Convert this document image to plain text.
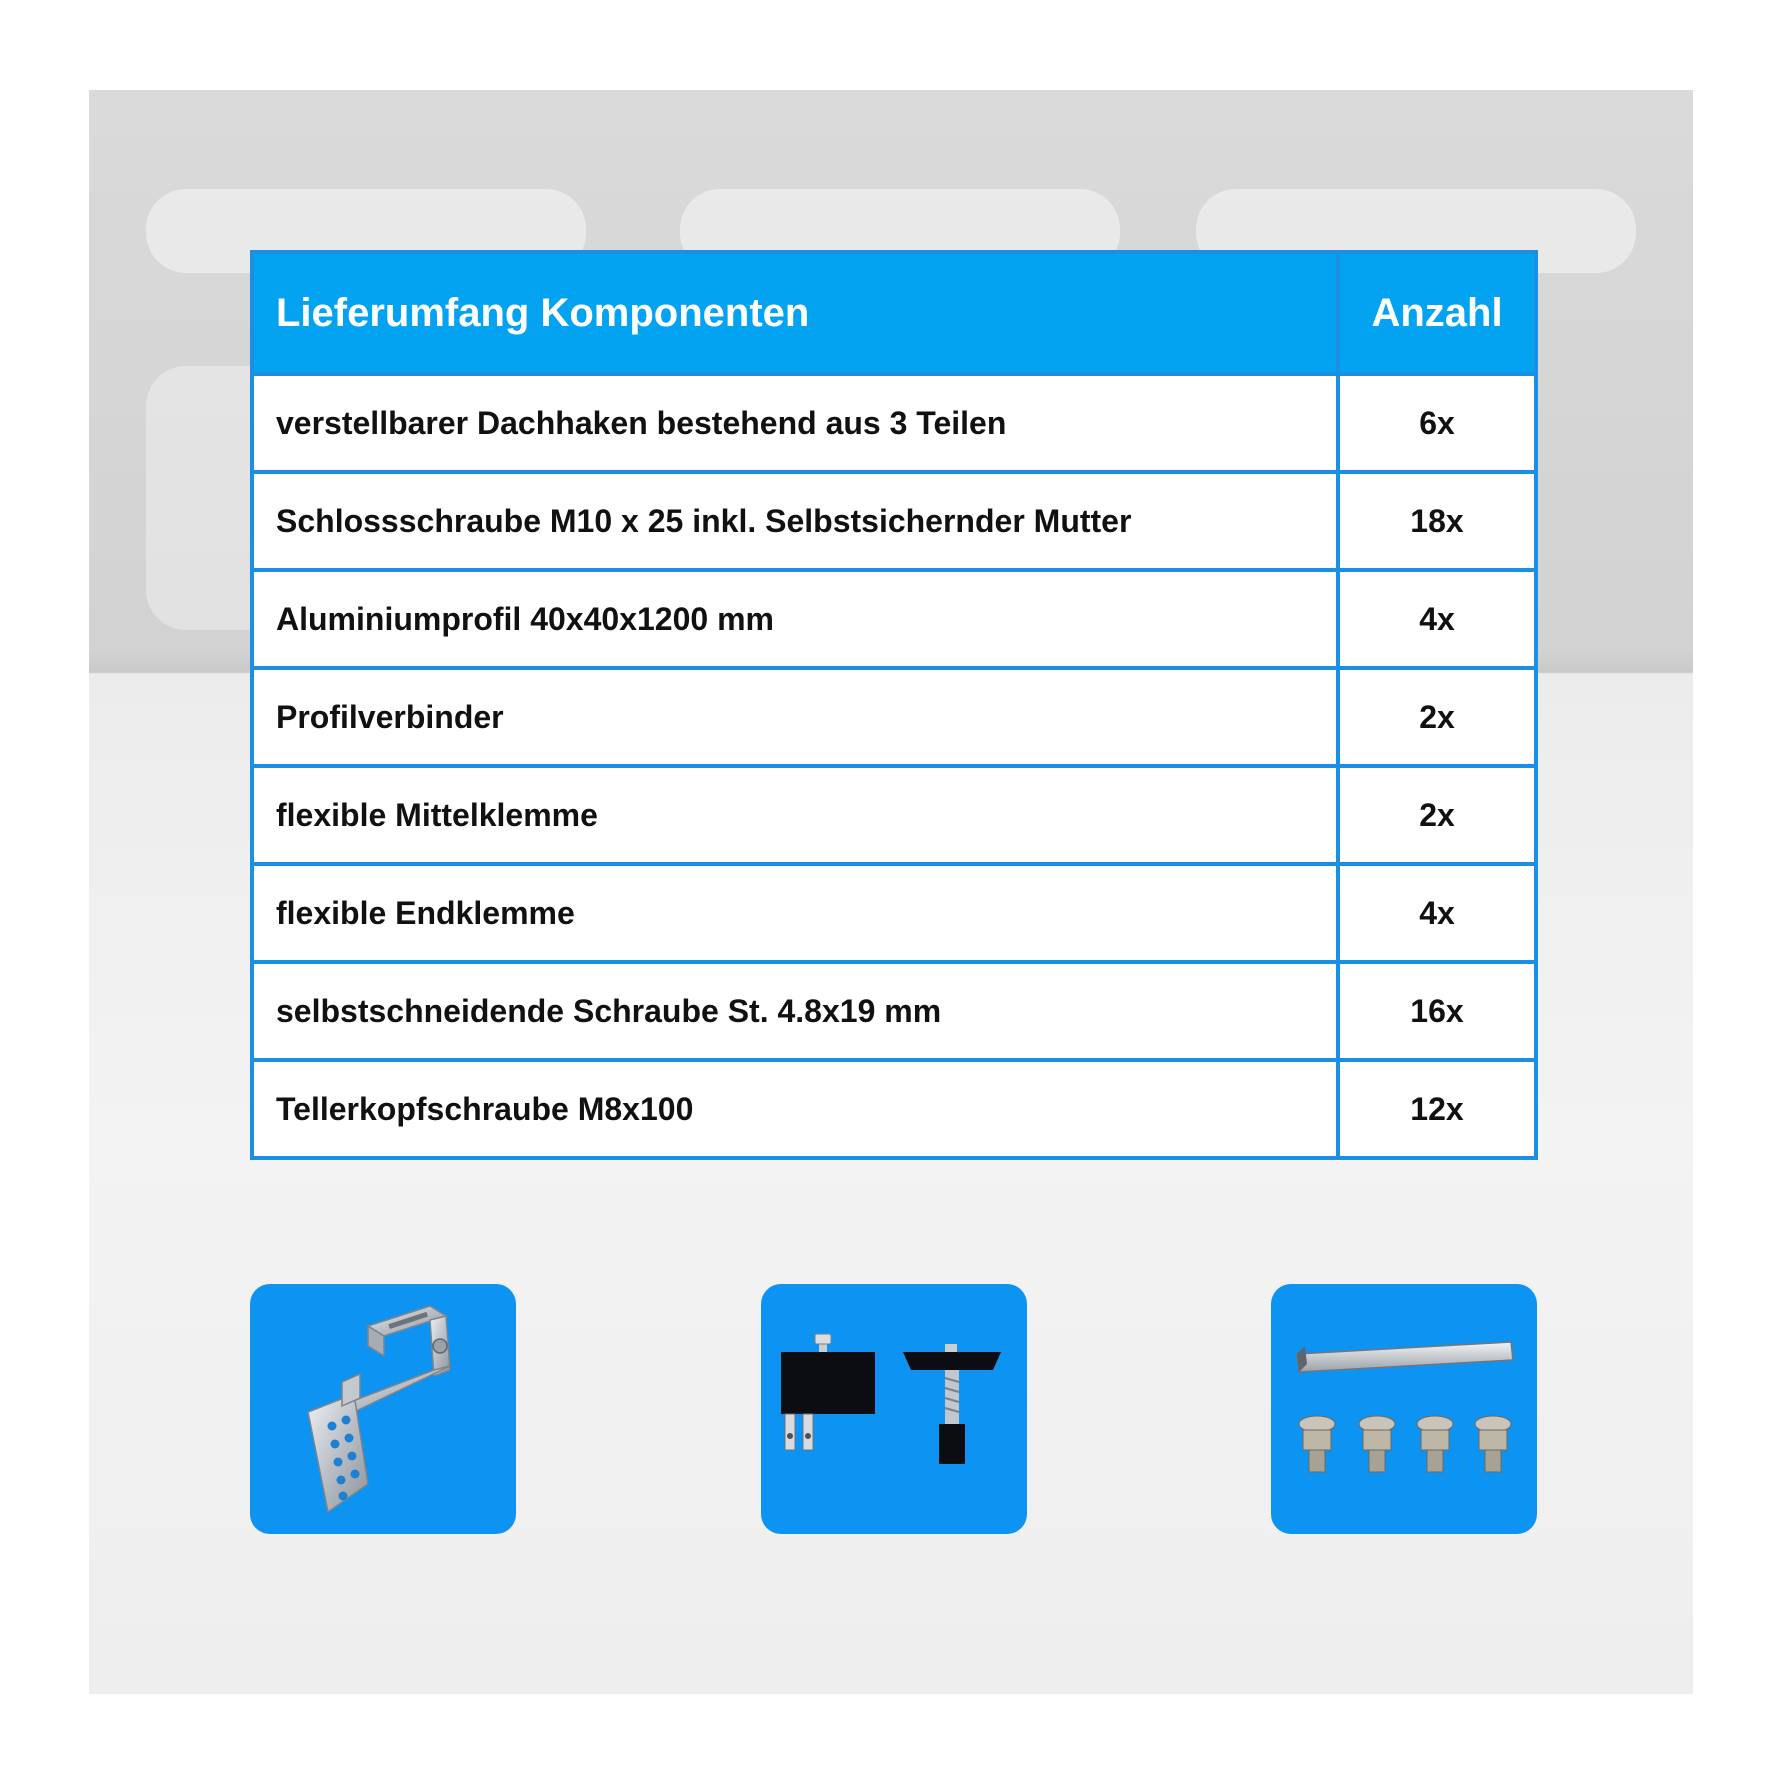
Lieferumfang Komponenten	Anzahl
verstellbarer Dachhaken bestehend aus 3 Teilen	6x
Schlossschraube M10 x 25 inkl. Selbstsichernder Mutter	18x
Aluminiumprofil 40x40x1200 mm	4x
Profilverbinder	2x
flexible Mittelklemme	2x
flexible Endklemme	4x
selbstschneidende Schraube St. 4.8x19 mm	16x
Tellerkopfschraube M8x100	12x
